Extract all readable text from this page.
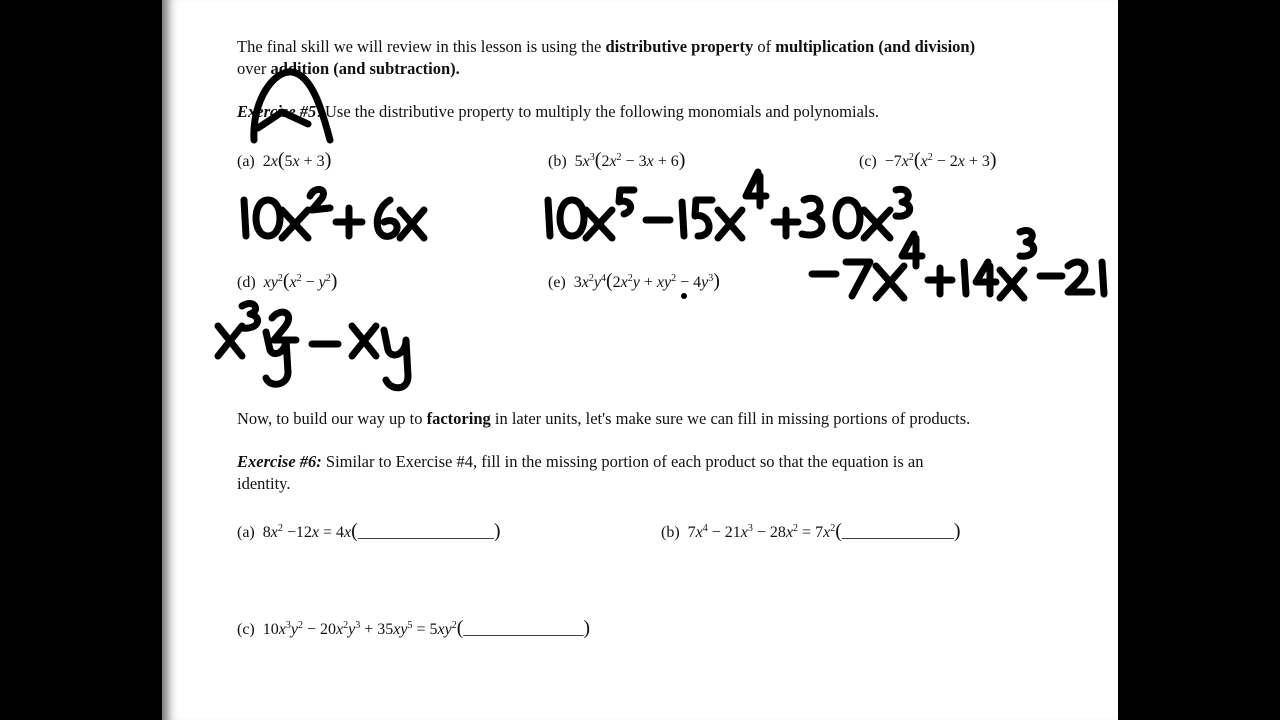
The final skill we will review in this lesson is using the distributive property of multiplication (and division)
over addition (and subtraction).
Exercise #5: Use the distributive property to multiply the following monomials and polynomials.
(a)  2x(5x + 3)	(b)  $5x^3(2x^2 - 3x + 6)$	$(c) -7x^2(x^2 - 2x + 3)$
(d) $xy^2(x^2 - y^2)$	(e)  $3x^2y^4(2x^2y + xy^2 - 4y^3)$
Now, to build our way up to factoring in later units, let's make sure we can fill in missing portions of products.
Exercise #6: Similar to Exercise #4, fill in the missing portion of each product so that the equation is an
identity.
(a)  $8x^2 -12x$ = 4x(_________________)	(b)  $7x^4 - 21x^3 - 28x^2$ = $7x^2(\_\_\_\_\_\_\_\_\_\_\_\_\_\_)$
(c)  $10x^3y^2 - 20x^2y^3 + 35xy^5$ = $5xy^2(\_\_\_\_\_\_\_\_\_\_\_\_\_\_\_)$
